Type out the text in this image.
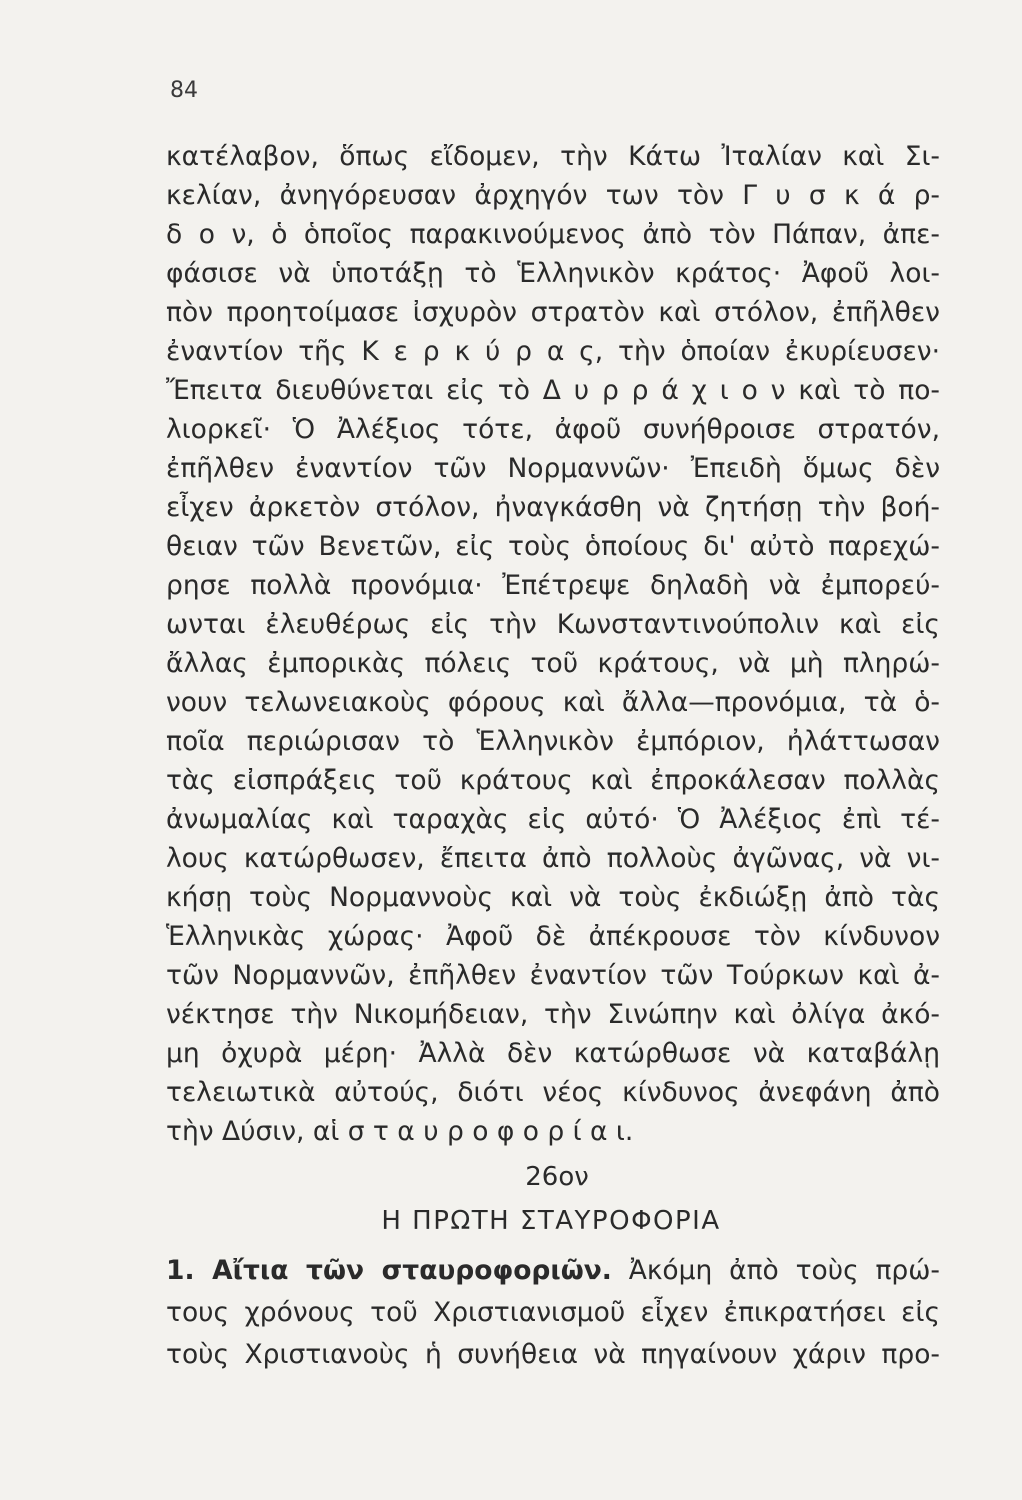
84
κατέλαβον, ὅπως εἴδομεν, τὴν Κάτω Ἰταλίαν καὶ Σι-
κελίαν, ἀνηγόρευσαν ἀρχηγόν των τὸν Γ υ σ κ ά ρ-
δ ο ν, ὁ ὁποῖος παρακινούμενος ἀπὸ τὸν Πάπαν, ἀπε-
φάσισε νὰ ὑποτάξῃ τὸ Ἑλληνικὸν κράτος· Ἀφοῦ λοι-
πὸν προητοίμασε ἰσχυρὸν στρατὸν καὶ στόλον, ἐπῆλθεν
ἐναντίον τῆς Κ ε ρ κ ύ ρ α ς, τὴν ὁποίαν ἐκυρίευσεν·
Ἔπειτα διευθύνεται εἰς τὸ Δ υ ρ ρ ά χ ι ο ν καὶ τὸ πο-
λιορκεῖ· Ὁ Ἀλέξιος τότε, ἀφοῦ συνήθροισε στρατόν,
ἐπῆλθεν ἐναντίον τῶν Νορμαννῶν· Ἐπειδὴ ὅμως δὲν
εἶχεν ἀρκετὸν στόλον, ἠναγκάσθη νὰ ζητήσῃ τὴν βοή-
θειαν τῶν Βενετῶν, εἰς τοὺς ὁποίους δι' αὐτὸ παρεχώ-
ρησε πολλὰ προνόμια· Ἐπέτρεψε δηλαδὴ νὰ ἐμπορεύ-
ωνται ἐλευθέρως εἰς τὴν Κωνσταντινούπολιν καὶ εἰς
ἄλλας ἐμπορικὰς πόλεις τοῦ κράτους, νὰ μὴ πληρώ-
νουν τελωνειακοὺς φόρους καὶ ἄλλα—προνόμια, τὰ ὁ-
ποῖα περιώρισαν τὸ Ἑλληνικὸν ἐμπόριον, ἠλάττωσαν
τὰς εἰσπράξεις τοῦ κράτους καὶ ἐπροκάλεσαν πολλὰς
ἀνωμαλίας καὶ ταραχὰς εἰς αὐτό· Ὁ Ἀλέξιος ἐπὶ τέ-
λους κατώρθωσεν, ἔπειτα ἀπὸ πολλοὺς ἀγῶνας, νὰ νι-
κήσῃ τοὺς Νορμαννοὺς καὶ νὰ τοὺς ἐκδιώξῃ ἀπὸ τὰς
Ἑλληνικὰς χώρας· Ἀφοῦ δὲ ἀπέκρουσε τὸν κίνδυνον
τῶν Νορμαννῶν, ἐπῆλθεν ἐναντίον τῶν Τούρκων καὶ ἀ-
νέκτησε τὴν Νικομήδειαν, τὴν Σινώπην καὶ ὀλίγα ἀκό-
μη ὀχυρὰ μέρη· Ἀλλὰ δὲν κατώρθωσε νὰ καταβάλῃ
τελειωτικὰ αὐτούς, διότι νέος κίνδυνος ἀνεφάνη ἀπὸ
τὴν Δύσιν, αἱ σ τ α υ ρ ο φ ο ρ ί α ι.
26ον
Η ΠΡΩΤΗ ΣΤΑΥΡΟΦΟΡΙΑ
1. Αἴτια τῶν σταυροφοριῶν. Ἀκόμη ἀπὸ τοὺς πρώ-
τους χρόνους τοῦ Χριστιανισμοῦ εἶχεν ἐπικρατήσει εἰς
τοὺς Χριστιανοὺς ἡ συνήθεια νὰ πηγαίνουν χάριν προ-
